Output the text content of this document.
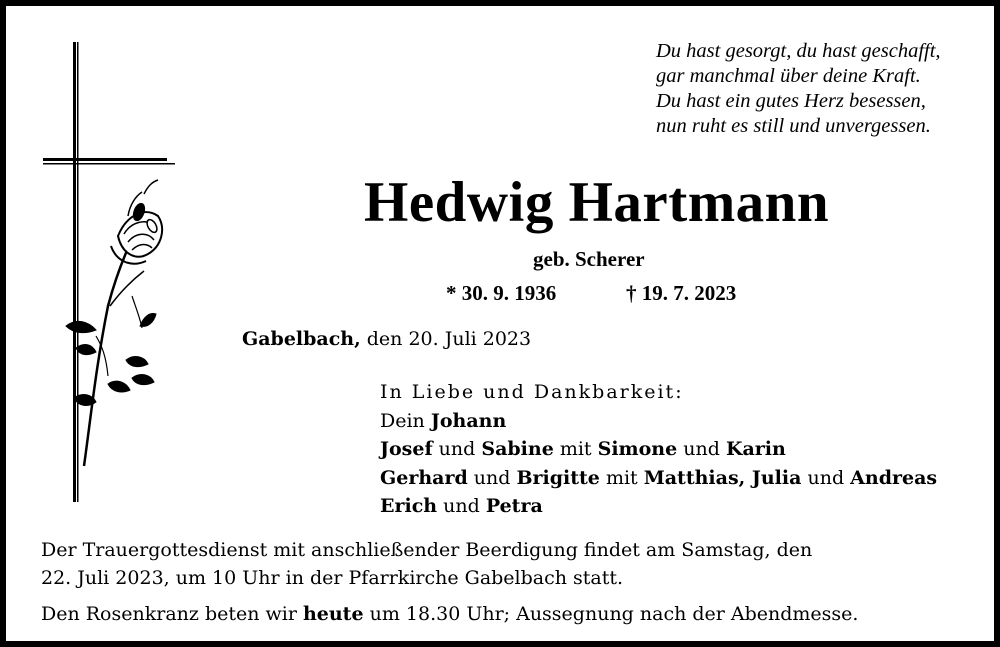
Du hast gesorgt, du hast geschafft,
gar manchmal über deine Kraft.
Du hast ein gutes Herz besessen,
nun ruht es still und unvergessen.
Hedwig Hartmann
geb. Scherer
* 30. 9. 1936	† 19. 7. 2023
Gabelbach, den 20. Juli 2023
In Liebe und Dankbarkeit:
Dein Johann
Josef und Sabine mit Simone und Karin
Gerhard und Brigitte mit Matthias, Julia und Andreas
Erich und Petra
Der Trauergottesdienst mit anschließender Beerdigung findet am Samstag, den
22. Juli 2023, um 10 Uhr in der Pfarrkirche Gabelbach statt.
Den Rosenkranz beten wir heute um 18.30 Uhr; Aussegnung nach der Abendmesse.
